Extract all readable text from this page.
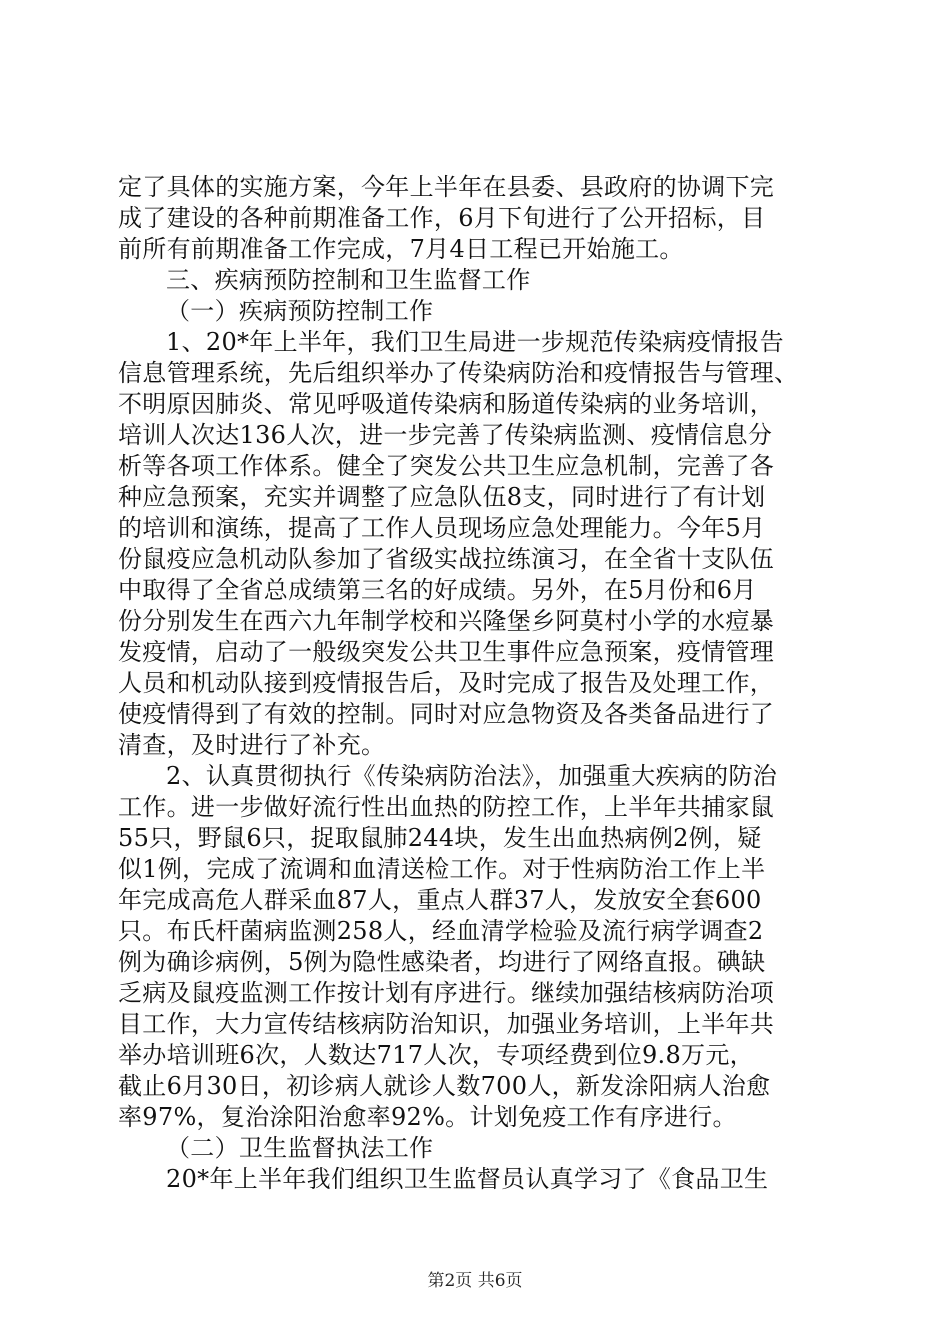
定了具体的实施方案，今年上半年在县委、县政府的协调下完
成了建设的各种前期准备工作，6月下旬进行了公开招标，目
前所有前期准备工作完成，7月4日工程已开始施工。
三、疾病预防控制和卫生监督工作
（一）疾病预防控制工作
1、20*年上半年，我们卫生局进一步规范传染病疫情报告
信息管理系统，先后组织举办了传染病防治和疫情报告与管理、
不明原因肺炎、常见呼吸道传染病和肠道传染病的业务培训，
培训人次达136人次，进一步完善了传染病监测、疫情信息分
析等各项工作体系。健全了突发公共卫生应急机制，完善了各
种应急预案，充实并调整了应急队伍8支，同时进行了有计划
的培训和演练，提高了工作人员现场应急处理能力。今年5月
份鼠疫应急机动队参加了省级实战拉练演习，在全省十支队伍
中取得了全省总成绩第三名的好成绩。另外，在5月份和6月
份分别发生在西六九年制学校和兴隆堡乡阿莫村小学的水痘暴
发疫情，启动了一般级突发公共卫生事件应急预案，疫情管理
人员和机动队接到疫情报告后，及时完成了报告及处理工作，
使疫情得到了有效的控制。同时对应急物资及各类备品进行了
清查，及时进行了补充。
2、认真贯彻执行《传染病防治法》，加强重大疾病的防治
工作。进一步做好流行性出血热的防控工作，上半年共捕家鼠
55只，野鼠6只，捉取鼠肺244块，发生出血热病例2例，疑
似1例，完成了流调和血清送检工作。对于性病防治工作上半
年完成高危人群采血87人，重点人群37人，发放安全套600
只。布氏杆菌病监测258人，经血清学检验及流行病学调查2
例为确诊病例，5例为隐性感染者，均进行了网络直报。碘缺
乏病及鼠疫监测工作按计划有序进行。继续加强结核病防治项
目工作，大力宣传结核病防治知识，加强业务培训，上半年共
举办培训班6次，人数达717人次，专项经费到位9.8万元，
截止6月30日，初诊病人就诊人数700人，新发涂阳病人治愈
率97%，复治涂阳治愈率92%。计划免疫工作有序进行。
（二）卫生监督执法工作
20*年上半年我们组织卫生监督员认真学习了《食品卫生
第2页 共6页
